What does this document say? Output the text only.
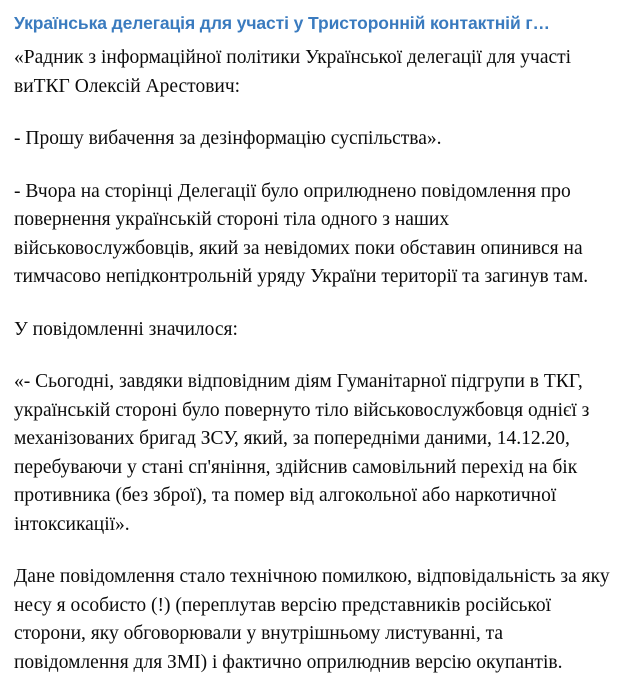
Українська делегація для участі у Тристоронній контактній г…

«Радник з інформаційної політики Української делегації для участі виТКГ Олексій Арестович:

- Прошу вибачення за дезінформацію суспільства».

- Вчора на сторінці Делегації було оприлюднено повідомлення про повернення українській стороні тіла одного з наших військовослужбовців, який за невідомих поки обставин опинився на тимчасово непідконтрольній уряду України території та загинув там.

У повідомленні значилося:

«- Сьогодні, завдяки відповідним діям Гуманітарної підгрупи в ТКГ, українській стороні було повернуто тіло військовослужбовця однієї з механізованих бригад ЗСУ, який, за попередніми даними, 14.12.20, перебуваючи у стані сп'яніння, здійснив самовільний перехід на бік противника (без зброї), та помер від алгокольної або наркотичної інтоксикації».

Дане повідомлення стало технічною помилкою, відповідальність за яку несу я особисто (!) (переплутав версію представників російської сторони, яку обговорювали у внутрішньому листуванні, та повідомлення для ЗМІ) і фактично оприлюднив версію окупантів.
